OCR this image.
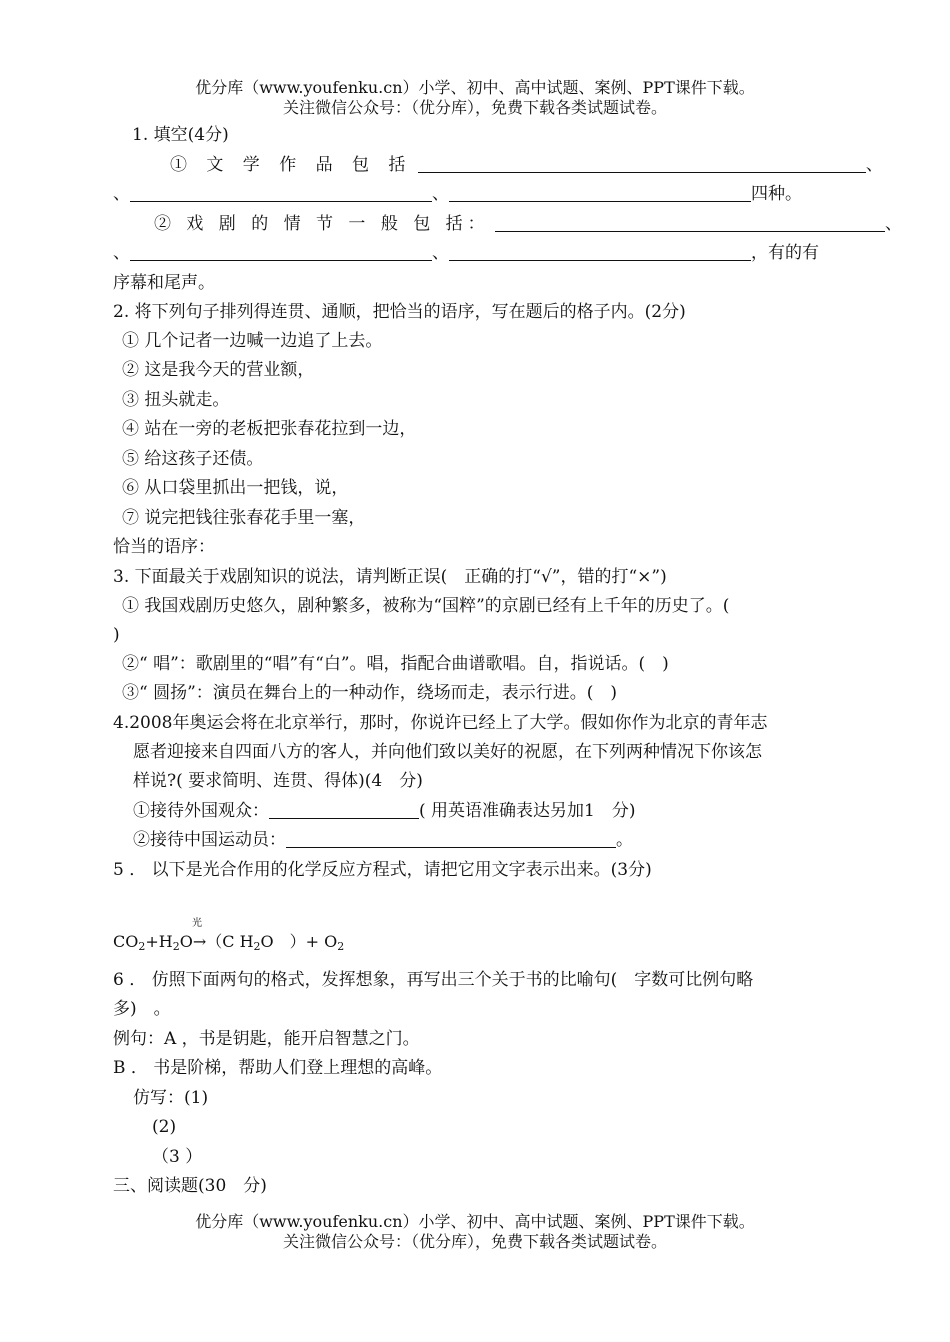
优分库（www.youfenku.cn）小学、初中、高中试题、案例、PPT课件下载。
关注微信公众号：（优分库），免费下载各类试题试卷。
1. 填空(4分)
① 文 学 作 品 包 括	、
、	、	四种。
② 戏 剧 的 情 节 一 般 包 括：	、
、	、	，有的有
序幕和尾声。
2. 将下列句子排列得连贯、通顺，把恰当的语序，写在题后的格子内。(2分)
① 几个记者一边喊一边追了上去。
② 这是我今天的营业额，
③ 扭头就走。
④ 站在一旁的老板把张春花拉到一边，
⑤ 给这孩子还债。
⑥ 从口袋里抓出一把钱，说，
⑦ 说完把钱往张春花手里一塞，
恰当的语序：
3. 下面最关于戏剧知识的说法，请判断正误(　正确的打“√”，错的打“×”)
① 我国戏剧历史悠久，剧种繁多，被称为“国粹”的京剧已经有上千年的历史了。(
)
②“ 唱”：歌剧里的“唱”有“白”。唱，指配合曲谱歌唱。自，指说话。(　)
③“ 圆扬”：演员在舞台上的一种动作，绕场而走，表示行进。(　)
4.2008年奥运会将在北京举行，那时，你说许已经上了大学。假如你作为北京的青年志
愿者迎接来自四面八方的客人，并向他们致以美好的祝愿，在下列两种情况下你该怎
样说?( 要求简明、连贯、得体)(4　分)
①接待外国观众：	( 用英语准确表达另加1　分)
②接待中国运动员：	。
5 ． 以下是光合作用的化学反应方程式，请把它用文字表示出来。(3分)
光
$CO_2+H_2O\to(C$ $H_2O$　）+ $O_2$
6 ． 仿照下面两句的格式，发挥想象，再写出三个关于书的比喻句(　字数可比例句略
多)　。
例句：A ，书是钥匙，能开启智慧之门。
B ． 书是阶梯，帮助人们登上理想的高峰。
仿写：(1)
(2)
（3 ）
三、阅读题(30　分)
优分库（www.youfenku.cn）小学、初中、高中试题、案例、PPT课件下载。
关注微信公众号：（优分库），免费下载各类试题试卷。
